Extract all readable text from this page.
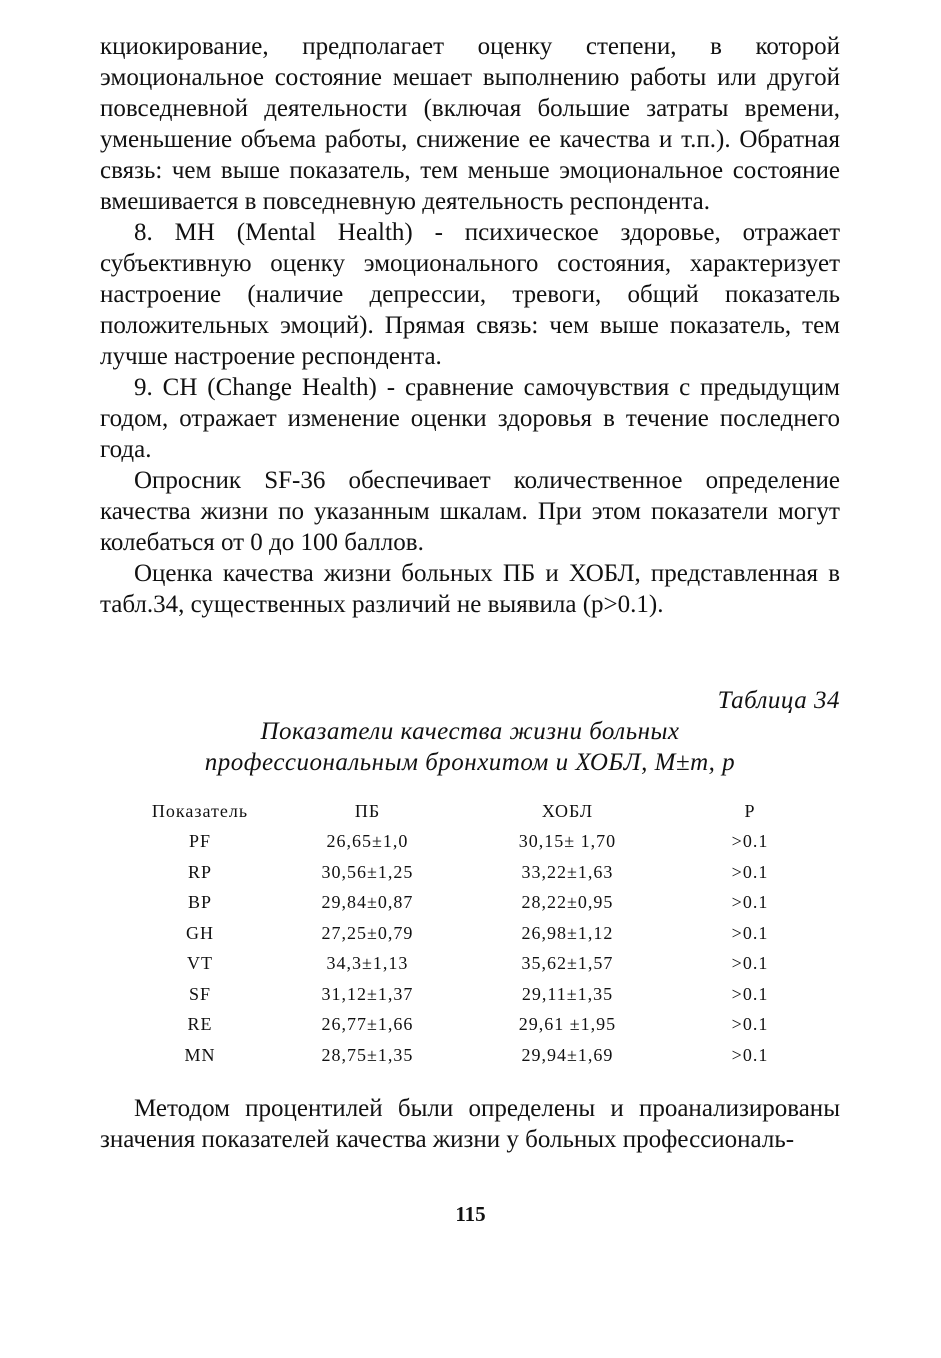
кциокирование, предполагает оценку степени, в которой эмоциональное состояние мешает выполнению работы или другой повседневной деятельности (включая большие затраты времени, уменьшение объема работы, снижение ее качества и т.п.). Обратная связь: чем выше показатель, тем меньше эмоциональное состояние вмешивается в повседневную деятельность респондента.

8. MH (Mental Health) - психическое здоровье, отражает субъективную оценку эмоционального состояния, характеризует настроение (наличие депрессии, тревоги, общий показатель положительных эмоций). Прямая связь: чем выше показатель, тем лучше настроение респондента.

9. CH (Change Health) - сравнение самочувствия с предыдущим годом, отражает изменение оценки здоровья в течение последнего года.

Опросник SF-36 обеспечивает количественное определение качества жизни по указанным шкалам. При этом показатели могут колебаться от 0 до 100 баллов.

Оценка качества жизни больных ПБ и ХОБЛ, представленная в табл.34, существенных различий не выявила (p>0.1).

Таблица 34
Показатели качества жизни больных
профессиональным бронхитом и ХОБЛ, M±m, p
Показатель	ПБ	ХОБЛ	P
PF	26,65±1,0	30,15± 1,70	>0.1
RP	30,56±1,25	33,22±1,63	>0.1
BP	29,84±0,87	28,22±0,95	>0.1
GH	27,25±0,79	26,98±1,12	>0.1
VT	34,3±1,13	35,62±1,57	>0.1
SF	31,12±1,37	29,11±1,35	>0.1
RE	26,77±1,66	29,61 ±1,95	>0.1
MN	28,75±1,35	29,94±1,69	>0.1

Методом процентилей были определены и проанализированы значения показателей качества жизни у больных профессиональ-

115
